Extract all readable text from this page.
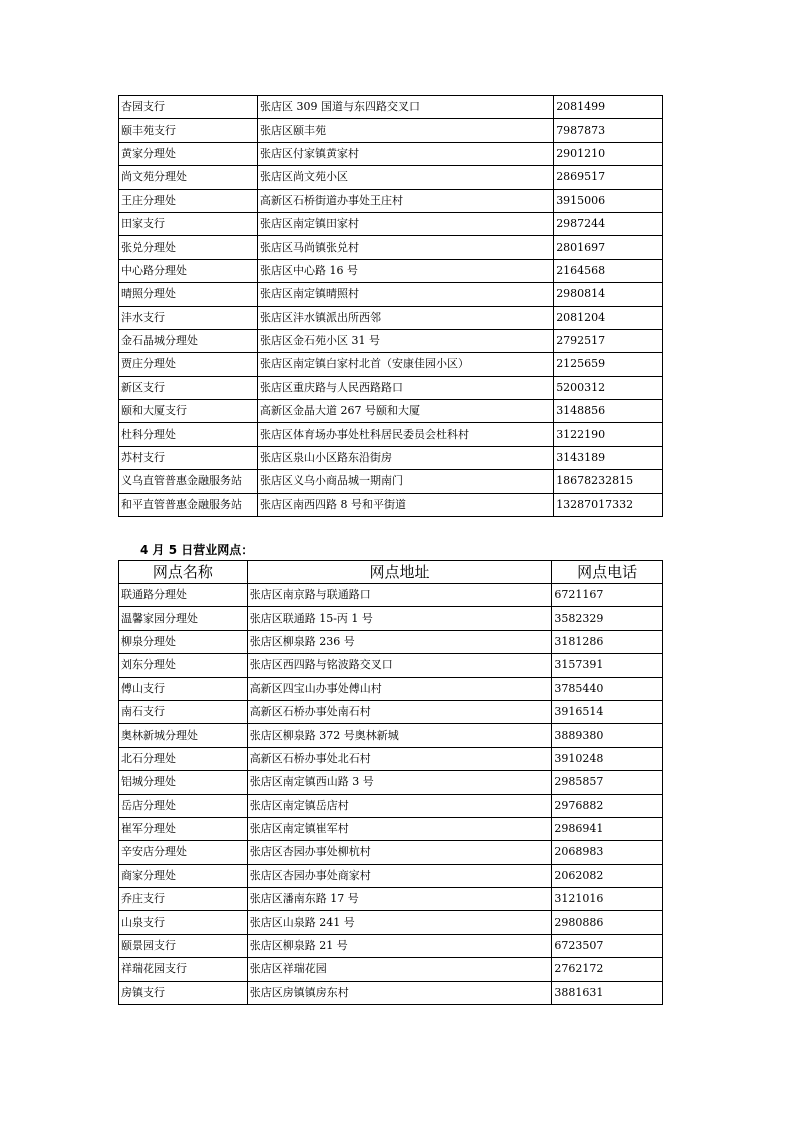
杏园支行	张店区 309 国道与东四路交叉口	2081499
颐丰苑支行	张店区颐丰苑	7987873
黄家分理处	张店区付家镇黄家村	2901210
尚文苑分理处	张店区尚文苑小区	2869517
王庄分理处	高新区石桥街道办事处王庄村	3915006
田家支行	张店区南定镇田家村	2987244
张兑分理处	张店区马尚镇张兑村	2801697
中心路分理处	张店区中心路 16 号	2164568
晴照分理处	张店区南定镇晴照村	2980814
沣水支行	张店区沣水镇派出所西邻	2081204
金石晶城分理处	张店区金石苑小区 31 号	2792517
贾庄分理处	张店区南定镇白家村北首（安康佳园小区）	2125659
新区支行	张店区重庆路与人民西路路口	5200312
颐和大厦支行	高新区金晶大道 267 号颐和大厦	3148856
杜科分理处	张店区体育场办事处杜科居民委员会杜科村	3122190
苏村支行	张店区泉山小区路东沿街房	3143189
义乌直管普惠金融服务站	张店区义乌小商品城一期南门	18678232815
和平直管普惠金融服务站	张店区南西四路 8 号和平街道	13287017332
4 月 5 日营业网点：
网点名称	网点地址	网点电话
联通路分理处	张店区南京路与联通路口	6721167
温馨家园分理处	张店区联通路 15-丙 1 号	3582329
柳泉分理处	张店区柳泉路 236 号	3181286
刘东分理处	张店区西四路与铭波路交叉口	3157391
傅山支行	高新区四宝山办事处傅山村	3785440
南石支行	高新区石桥办事处南石村	3916514
奥林新城分理处	张店区柳泉路 372 号奥林新城	3889380
北石分理处	高新区石桥办事处北石村	3910248
铝城分理处	张店区南定镇西山路 3 号	2985857
岳店分理处	张店区南定镇岳店村	2976882
崔军分理处	张店区南定镇崔军村	2986941
辛安店分理处	张店区杏园办事处柳杭村	2068983
商家分理处	张店区杏园办事处商家村	2062082
乔庄支行	张店区潘南东路 17 号	3121016
山泉支行	张店区山泉路 241 号	2980886
颐景园支行	张店区柳泉路 21 号	6723507
祥瑞花园支行	张店区祥瑞花园	2762172
房镇支行	张店区房镇镇房东村	3881631
